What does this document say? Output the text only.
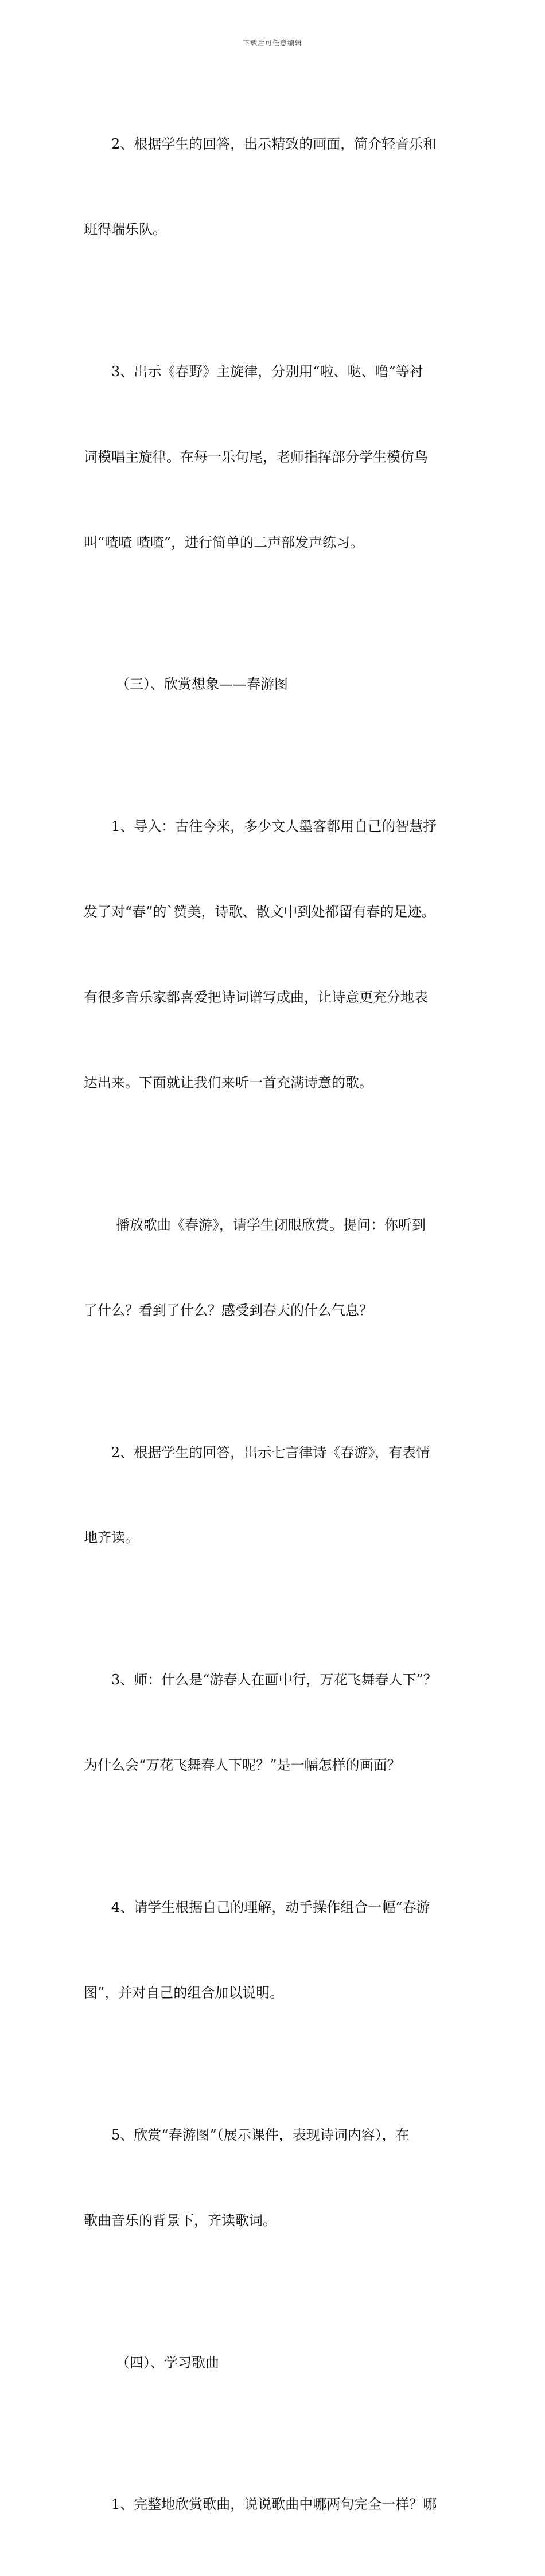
下载后可任意编辑

2、根据学生的回答，出示精致的画面，简介轻音乐和

班得瑞乐队。

3、出示《春野》主旋律，分别用“啦、哒、噜”等衬

词模唱主旋律。在每一乐句尾，老师指挥部分学生模仿鸟

叫“喳喳 喳喳”，进行简单的二声部发声练习。

（三）、欣赏想象——春游图

1、导入：古往今来，多少文人墨客都用自己的智慧抒

发了对“春”的`赞美，诗歌、散文中到处都留有春的足迹。

有很多音乐家都喜爱把诗词谱写成曲，让诗意更充分地表

达出来。下面就让我们来听一首充满诗意的歌。

播放歌曲《春游》，请学生闭眼欣赏。提问：你听到

了什么？看到了什么？感受到春天的什么气息？

2、根据学生的回答，出示七言律诗《春游》，有表情

地齐读。

3、师：什么是“游春人在画中行，万花飞舞春人下”？

为什么会“万花飞舞春人下呢？”是一幅怎样的画面？

4、请学生根据自己的理解，动手操作组合一幅“春游

图”，并对自己的组合加以说明。

5、欣赏“春游图”（展示课件，表现诗词内容），在

歌曲音乐的背景下，齐读歌词。

（四）、学习歌曲

1、完整地欣赏歌曲，说说歌曲中哪两句完全一样？哪
